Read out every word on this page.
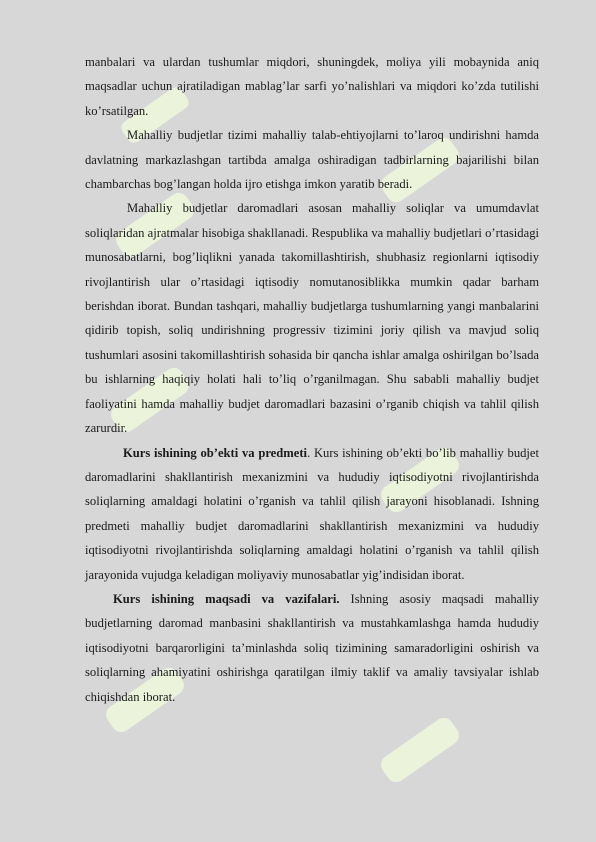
manbalari va ulardan tushumlar miqdori, shuningdek, moliya yili mobaynida aniq maqsadlar uchun ajratiladigan mablag’lar sarfi yo’nalishlari va miqdori ko’zda tutilishi ko’rsatilgan.

Mahalliy budjetlar tizimi mahalliy talab-ehtiyojlarni to’laroq undirishni hamda davlatning markazlashgan tartibda amalga oshiradigan tadbirlarning bajarilishi bilan chambarchas bog’langan holda ijro etishga imkon yaratib beradi.

Mahalliy budjetlar daromadlari asosan mahalliy soliqlar va umumdavlat soliqlaridan ajratmalar hisobiga shakllanadi. Respublika va mahalliy budjetlari o’rtasidagi munosabatlarni, bog’liqlikni yanada takomillashtirish, shubhasiz regionlarni iqtisodiy rivojlantirish ular o’rtasidagi iqtisodiy nomutanosiblikka mumkin qadar barham berishdan iborat. Bundan tashqari, mahalliy budjetlarga tushumlarning yangi manbalarini qidirib topish, soliq undirishning progressiv tizimini joriy qilish va mavjud soliq tushumlari asosini takomillashtirish sohasida bir qancha ishlar amalga oshirilgan bo’lsada bu ishlarning haqiqiy holati hali to’liq o’rganilmagan. Shu sababli mahalliy budjet faoliyatini hamda mahalliy budjet daromadlari bazasini o’rganib chiqish va tahlil qilish zarurdir.

Kurs ishining ob’ekti va predmeti. Kurs ishining ob’ekti bo’lib mahalliy budjet daromadlarini shakllantirish mexanizmini va hududiy iqtisodiyotni rivojlantirishda soliqlarning amaldagi holatini o’rganish va tahlil qilish jarayoni hisoblanadi. Ishning predmeti mahalliy budjet daromadlarini shakllantirish mexanizmini va hududiy iqtisodiyotni rivojlantirishda soliqlarning amaldagi holatini o’rganish va tahlil qilish jarayonida vujudga keladigan moliyaviy munosabatlar yig’indisidan iborat.

Kurs ishining maqsadi va vazifalari. Ishning asosiy maqsadi mahalliy budjetlarning daromad manbasini shakllantirish va mustahkamlashga hamda hududiy iqtisodiyotni barqarorligini ta’minlashda soliq tizimining samaradorligini oshirish va soliqlarning ahamiyatini oshirishga qaratilgan ilmiy taklif va amaliy tavsiyalar ishlab chiqishdan iborat.
